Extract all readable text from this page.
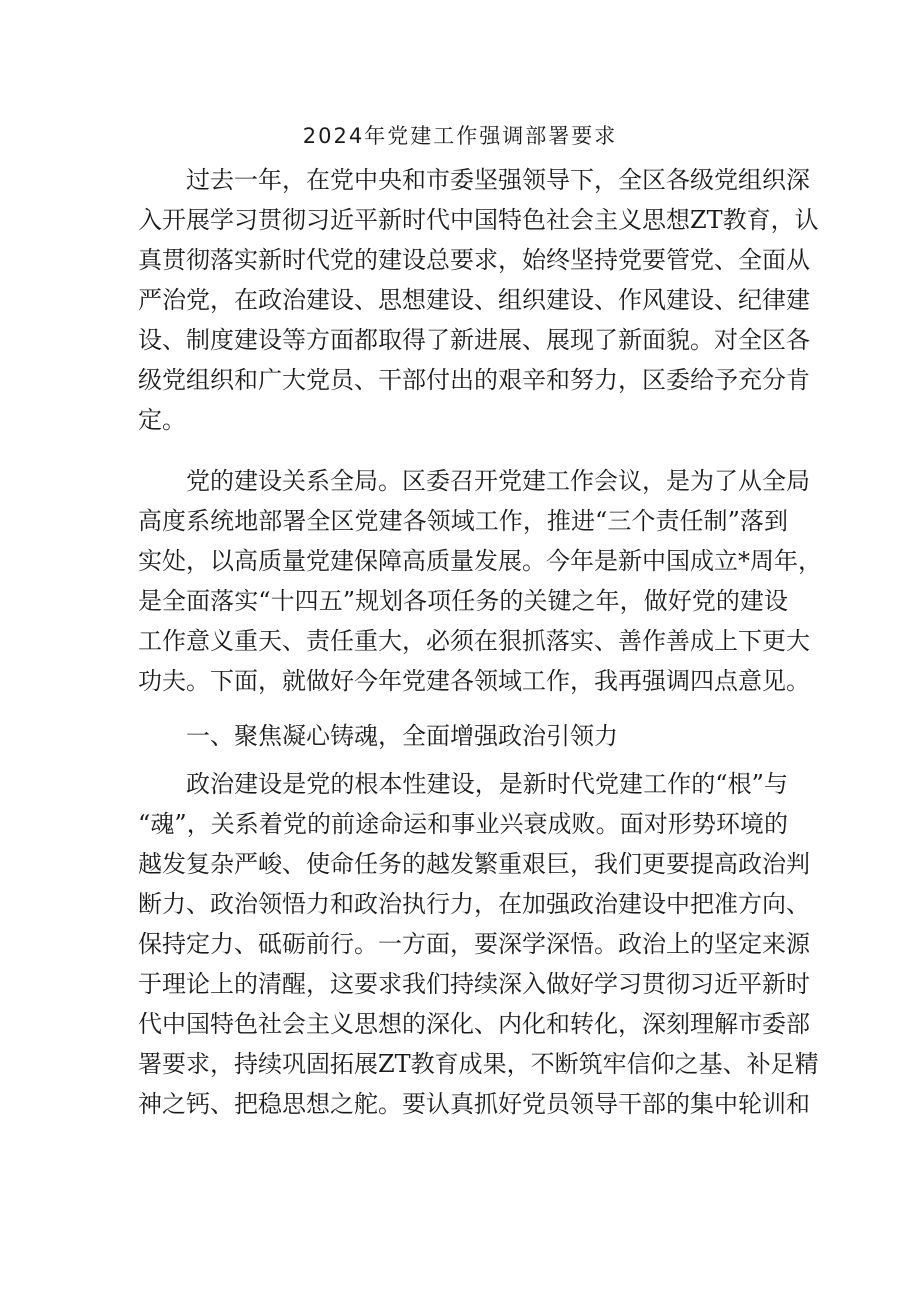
2024年党建工作强调部署要求
过去一年，在党中央和市委坚强领导下，全区各级党组织深
入开展学习贯彻习近平新时代中国特色社会主义思想ZT教育，认
真贯彻落实新时代党的建设总要求，始终坚持党要管党、全面从
严治党，在政治建设、思想建设、组织建设、作风建设、纪律建
设、制度建设等方面都取得了新进展、展现了新面貌。对全区各
级党组织和广大党员、干部付出的艰辛和努力，区委给予充分肯
定。
党的建设关系全局。区委召开党建工作会议，是为了从全局
高度系统地部署全区党建各领域工作，推进“三个责任制”落到
实处，以高质量党建保障高质量发展。今年是新中国成立*周年，
是全面落实“十四五”规划各项任务的关键之年，做好党的建设
工作意义重天、责任重大，必须在狠抓落实、善作善成上下更大
功夫。下面，就做好今年党建各领域工作，我再强调四点意见。
一、聚焦凝心铸魂，全面增强政治引领力
政治建设是党的根本性建设，是新时代党建工作的“根”与
“魂”，关系着党的前途命运和事业兴衰成败。面对形势环境的
越发复杂严峻、使命任务的越发繁重艰巨，我们更要提高政治判
断力、政治领悟力和政治执行力，在加强政治建设中把准方向、
保持定力、砥砺前行。一方面，要深学深悟。政治上的坚定来源
于理论上的清醒，这要求我们持续深入做好学习贯彻习近平新时
代中国特色社会主义思想的深化、内化和转化，深刻理解市委部
署要求，持续巩固拓展ZT教育成果，不断筑牢信仰之基、补足精
神之钙、把稳思想之舵。要认真抓好党员领导干部的集中轮训和
